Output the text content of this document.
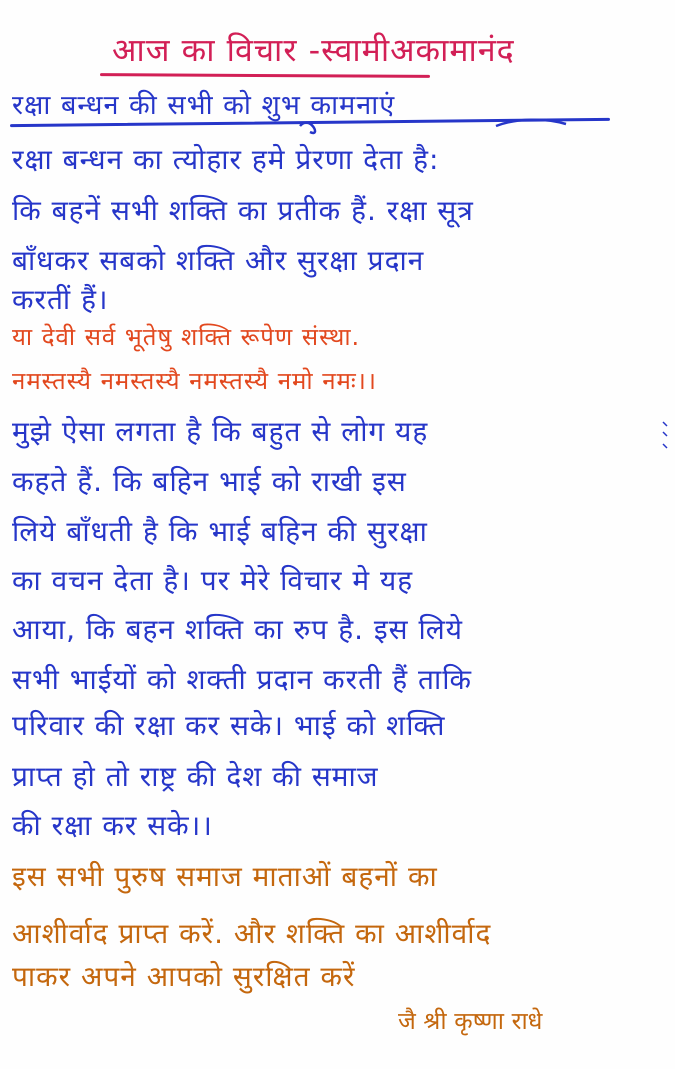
आज का विचार -स्वामीअकामानंद
रक्षा बन्धन की सभी को शुभ कामनाएं
रक्षा बन्धन का त्योहार हमे प्रेरणा देता है:
कि बहनें सभी शक्ति का प्रतीक हैं. रक्षा सूत्र
बाँधकर सबको शक्ति और सुरक्षा प्रदान
करतीं हैं।
या देवी सर्व भूतेषु शक्ति रूपेण संस्था.
नमस्तस्यै नमस्तस्यै नमस्तस्यै नमो नमः।।
मुझे ऐसा लगता है कि बहुत से लोग यह
कहते हैं. कि बहिन भाई को राखी इस
लिये बाँधती है कि भाई बहिन की सुरक्षा
का वचन देता है। पर मेरे विचार मे यह
आया, कि बहन शक्ति का रुप है. इस लिये
सभी भाईयों को शक्ती प्रदान करती हैं ताकि
परिवार की रक्षा कर सके। भाई को शक्ति
प्राप्त हो तो राष्ट्र की देश की समाज
की रक्षा कर सके।।
इस सभी पुरुष समाज माताओं बहनों का
आशीर्वाद प्राप्त करें. और शक्ति का आशीर्वाद
पाकर अपने आपको सुरक्षित करें
जै श्री कृष्णा राधे
